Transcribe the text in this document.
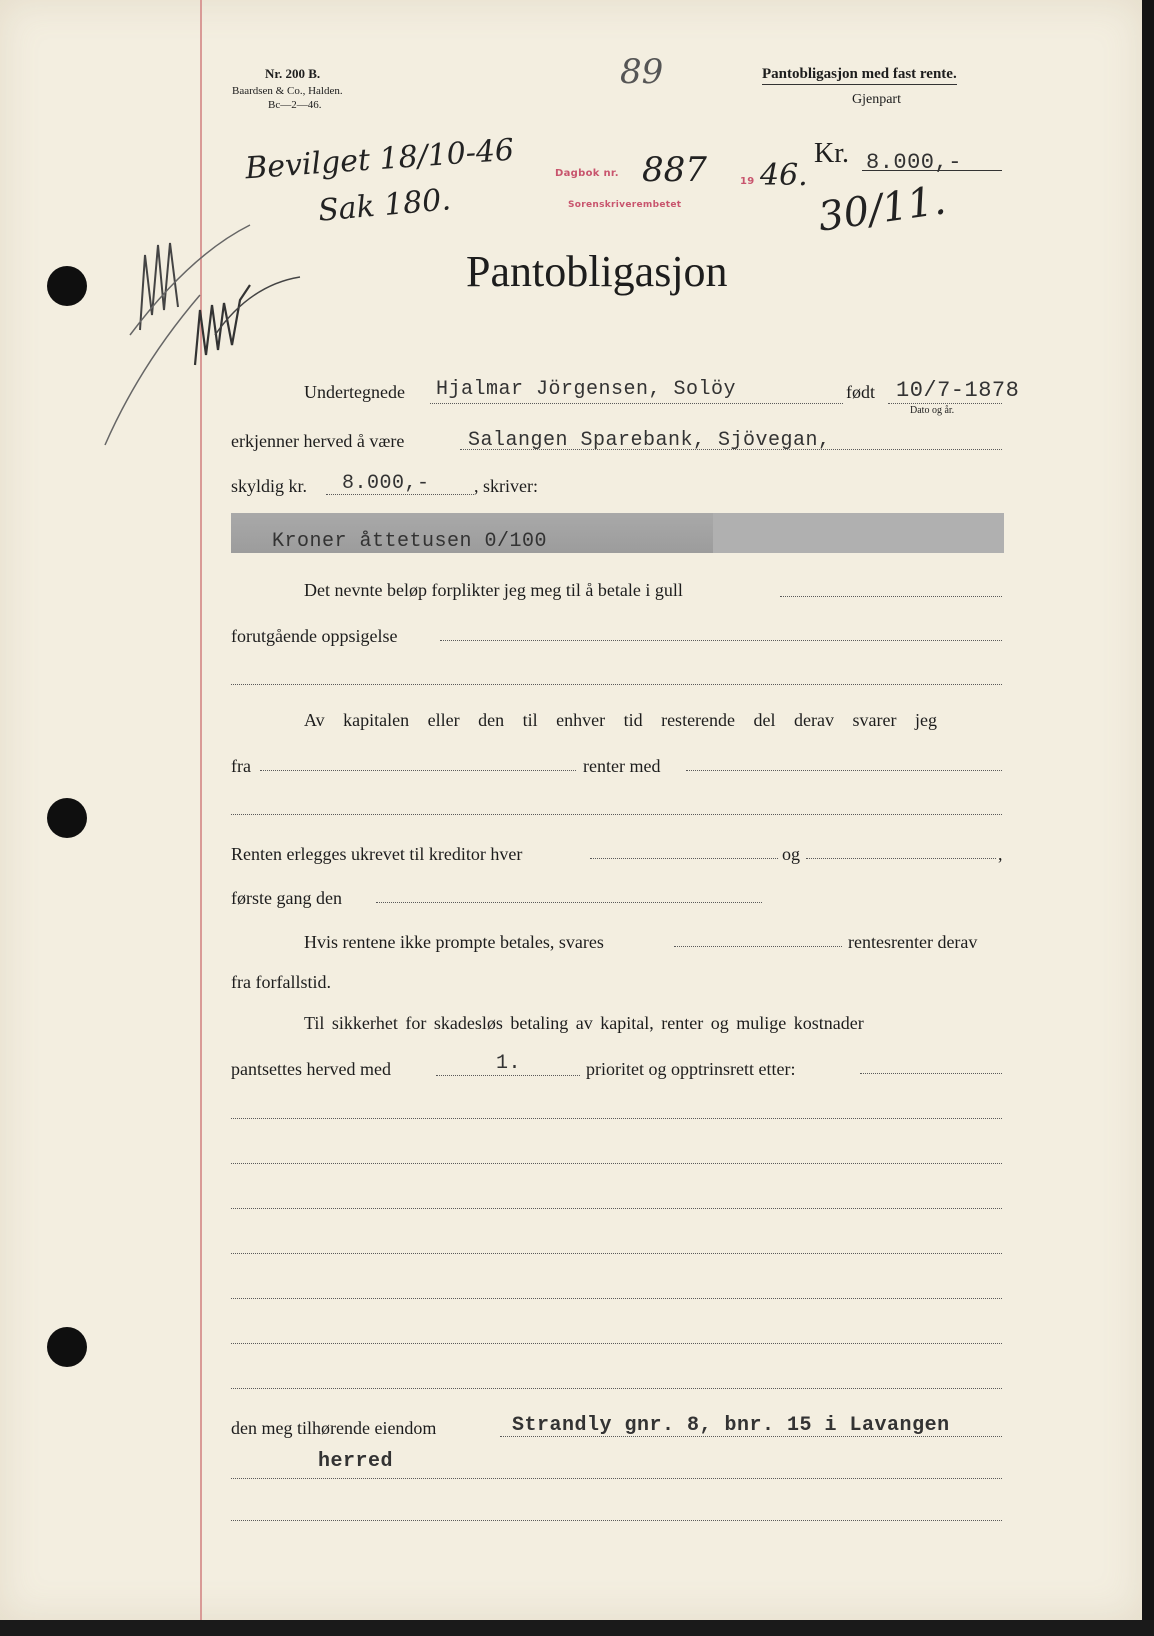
Nr. 200 B.
Baardsen & Co., Halden.
Bc—2—46.
89	Pantobligasjon med fast rente.
Gjenpart
Bevilget 18/10-46
Sak 180.
Dagbok nr.
19
Sorenskriverembetet
887 46.
30/11.
Kr. 8.000,-
Pantobligasjon
Undertegnede Hjalmar Jörgensen, Solöy	født 10/7-1878
Dato og år.
erkjenner herved å være	Salangen Sparebank, Sjövegan,
skyldig kr. 8.000,- , skriver:
Kroner åttetusen 0/100
Det nevnte beløp forplikter jeg meg til å betale i gull
forutgående oppsigelse
Av kapitalen eller den til enhver tid resterende del derav svarer jeg
fra	renter med
Renten erlegges ukrevet til kreditor hver	og	,
første gang den
Hvis rentene ikke prompte betales, svares	rentesrenter derav
fra forfallstid.
Til sikkerhet for skadesløs betaling av kapital, renter og mulige kostnader
pantsettes herved med	1.	prioritet og opptrinsrett etter:
den meg tilhørende eiendom	Strandly gnr. 8, bnr. 15 i Lavangen
herred
